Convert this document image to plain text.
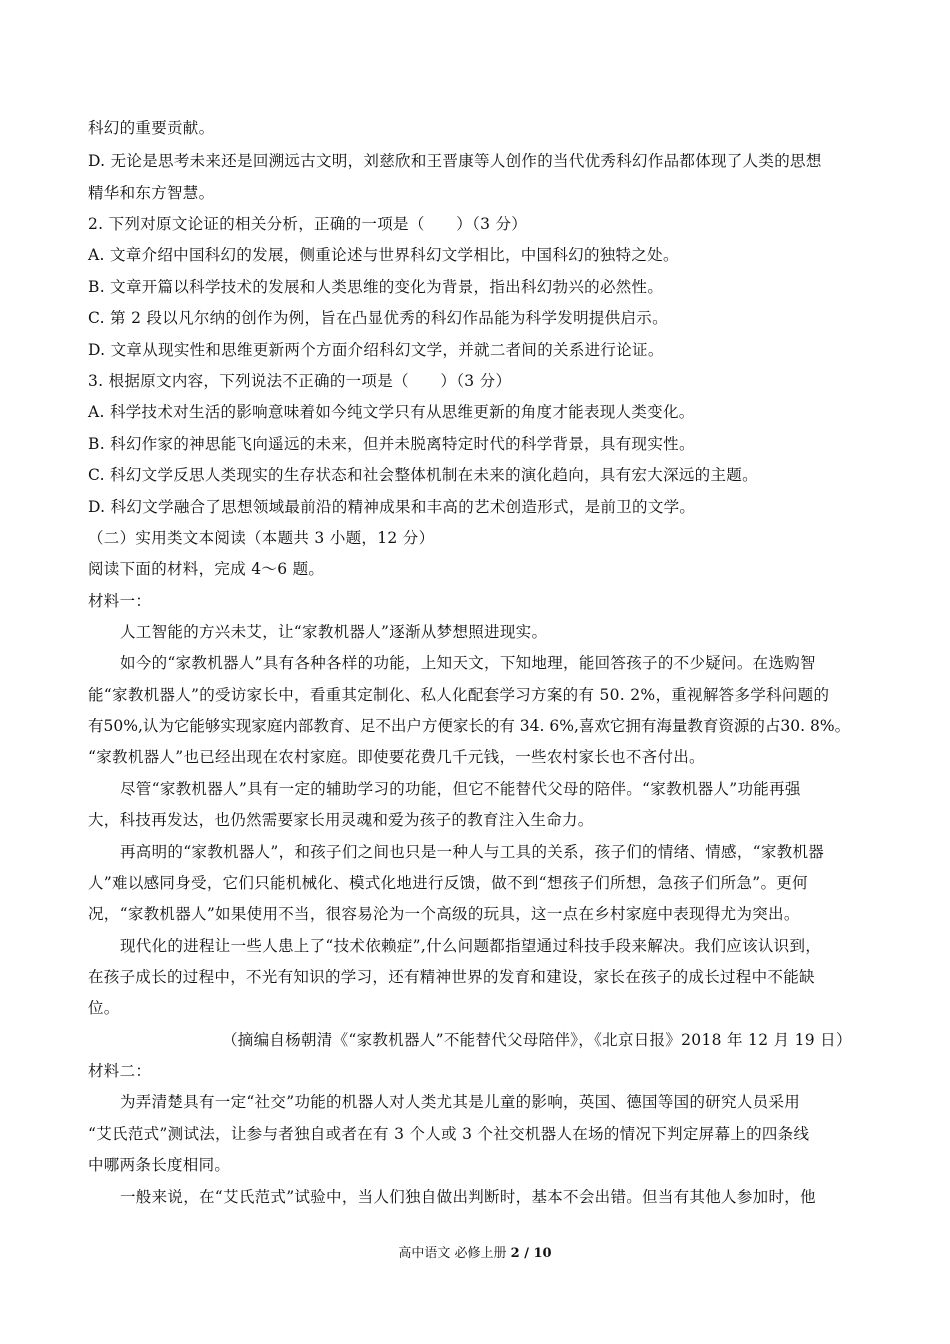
科幻的重要贡献。
D. 无论是思考未来还是回溯远古文明，刘慈欣和王晋康等人创作的当代优秀科幻作品都体现了人类的思想
精华和东方智慧。
2. 下列对原文论证的相关分析，正确的一项是（　　）（3 分）
A. 文章介绍中国科幻的发展，侧重论述与世界科幻文学相比，中国科幻的独特之处。
B. 文章开篇以科学技术的发展和人类思维的变化为背景，指出科幻勃兴的必然性。
C. 第 2 段以凡尔纳的创作为例，旨在凸显优秀的科幻作品能为科学发明提供启示。
D. 文章从现实性和思维更新两个方面介绍科幻文学，并就二者间的关系进行论证。
3. 根据原文内容，下列说法不正确的一项是（　　）（3 分）
A. 科学技术对生活的影响意味着如今纯文学只有从思维更新的角度才能表现人类变化。
B. 科幻作家的神思能飞向遥远的未来，但并未脱离特定时代的科学背景，具有现实性。
C. 科幻文学反思人类现实的生存状态和社会整体机制在未来的演化趋向，具有宏大深远的主题。
D. 科幻文学融合了思想领域最前沿的精神成果和丰高的艺术创造形式，是前卫的文学。
（二）实用类文本阅读（本题共 3 小题，12 分）
阅读下面的材料，完成 4～6 题。
材料一：
人工智能的方兴未艾，让“家教机器人”逐渐从梦想照进现实。
如今的“家教机器人”具有各种各样的功能，上知天文，下知地理，能回答孩子的不少疑问。在选购智
能“家教机器人”的受访家长中，看重其定制化、私人化配套学习方案的有 50. 2%，重视解答多学科问题的
有50%,认为它能够实现家庭内部教育、足不出户方便家长的有 34. 6%,喜欢它拥有海量教育资源的占30. 8%。
“家教机器人”也已经出现在农村家庭。即使要花费几千元钱，一些农村家长也不吝付出。
尽管“家教机器人”具有一定的辅助学习的功能，但它不能替代父母的陪伴。“家教机器人”功能再强
大，科技再发达，也仍然需要家长用灵魂和爱为孩子的教育注入生命力。
再高明的“家教机器人”，和孩子们之间也只是一种人与工具的关系，孩子们的情绪、情感，“家教机器
人”难以感同身受，它们只能机械化、模式化地进行反馈，做不到“想孩子们所想，急孩子们所急”。更何
况，“家教机器人”如果使用不当，很容易沦为一个高级的玩具，这一点在乡村家庭中表现得尤为突出。
现代化的进程让一些人患上了“技术依赖症”,什么问题都指望通过科技手段来解决。我们应该认识到，
在孩子成长的过程中，不光有知识的学习，还有精神世界的发育和建设，家长在孩子的成长过程中不能缺
位。
（摘编自杨朝清《“家教机器人”不能替代父母陪伴》，《北京日报》2018 年 12 月 19 日）
材料二：
为弄清楚具有一定“社交”功能的机器人对人类尤其是儿童的影响，英国、德国等国的研究人员采用
“艾氏范式”测试法，让参与者独自或者在有 3 个人或 3 个社交机器人在场的情况下判定屏幕上的四条线
中哪两条长度相同。
一般来说，在“艾氏范式”试验中，当人们独自做出判断时，基本不会出错。但当有其他人参加时，他
高中语文 必修上册 2 / 10
